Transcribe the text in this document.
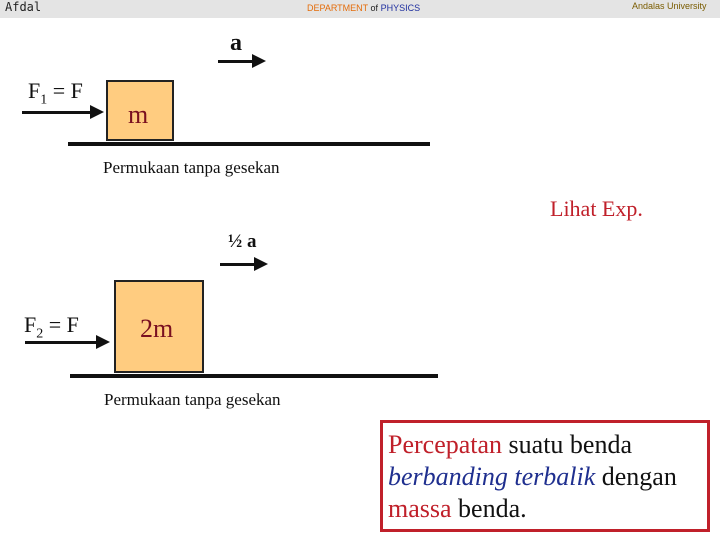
Afdal	DEPARTMENT of PHYSICS	Andalas University
a
$F_1 = F$
m
Permukaan tanpa gesekan
Lihat Exp.
½ a
$F_2 = F$ 2m
Permukaan tanpa gesekan
Percepatan suatu benda berbanding terbalik dengan massa benda.
